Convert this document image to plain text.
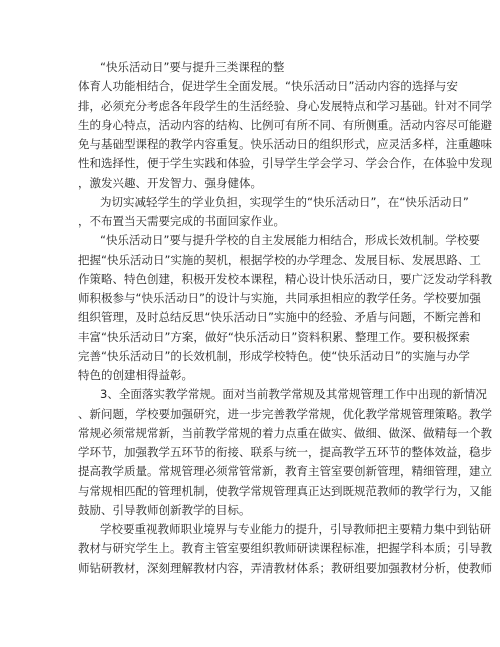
“快乐活动日”要与提升三类课程的整
体育人功能相结合，促进学生全面发展。“快乐活动日”活动内容的选择与安
排，必须充分考虑各年段学生的生活经验、身心发展特点和学习基础。针对不同学
生的身心特点，活动内容的结构、比例可有所不同、有所侧重。活动内容尽可能避
免与基础型课程的教学内容重复。快乐活动日的组织形式，应灵活多样，注重趣味
性和选择性，便于学生实践和体验，引导学生学会学习、学会合作，在体验中发现
，激发兴趣、开发智力、强身健体。
为切实减轻学生的学业负担，实现学生的“快乐活动日”，在“快乐活动日”
，不布置当天需要完成的书面回家作业。
“快乐活动日”要与提升学校的自主发展能力相结合，形成长效机制。学校要
把握“快乐活动日”实施的契机，根据学校的办学理念、发展目标、发展思路、工
作策略、特色创建，积极开发校本课程，精心设计快乐活动日，要广泛发动学科教
师积极参与“快乐活动日”的设计与实施，共同承担相应的教学任务。学校要加强
组织管理，及时总结反思“快乐活动日”实施中的经验、矛盾与问题，不断完善和
丰富“快乐活动日”方案，做好“快乐活动日”资料积累、整理工作。要积极探索
完善“快乐活动日”的长效机制，形成学校特色。使“快乐活动日”的实施与办学
特色的创建相得益彰。
3、全面落实教学常规。面对当前教学常规及其常规管理工作中出现的新情况
、新问题，学校要加强研究，进一步完善教学常规，优化教学常规管理策略。教学
常规必须常规常新，当前教学常规的着力点重在做实、做细、做深、做精每一个教
学环节，加强教学五环节的衔接、联系与统一，提高教学五环节的整体效益，稳步
提高教学质量。常规管理必须常管常新，教育主管室要创新管理，精细管理，建立
与常规相匹配的管理机制，使教学常规管理真正达到既规范教师的教学行为，又能
鼓励、引导教师创新教学的目标。
学校要重视教师职业境界与专业能力的提升，引导教师把主要精力集中到钻研
教材与研究学生上。教育主管室要组织教师研读课程标准，把握学科本质；引导教
师钻研教材，深刻理解教材内容，弄清教材体系；教研组要加强教材分析，使教师
